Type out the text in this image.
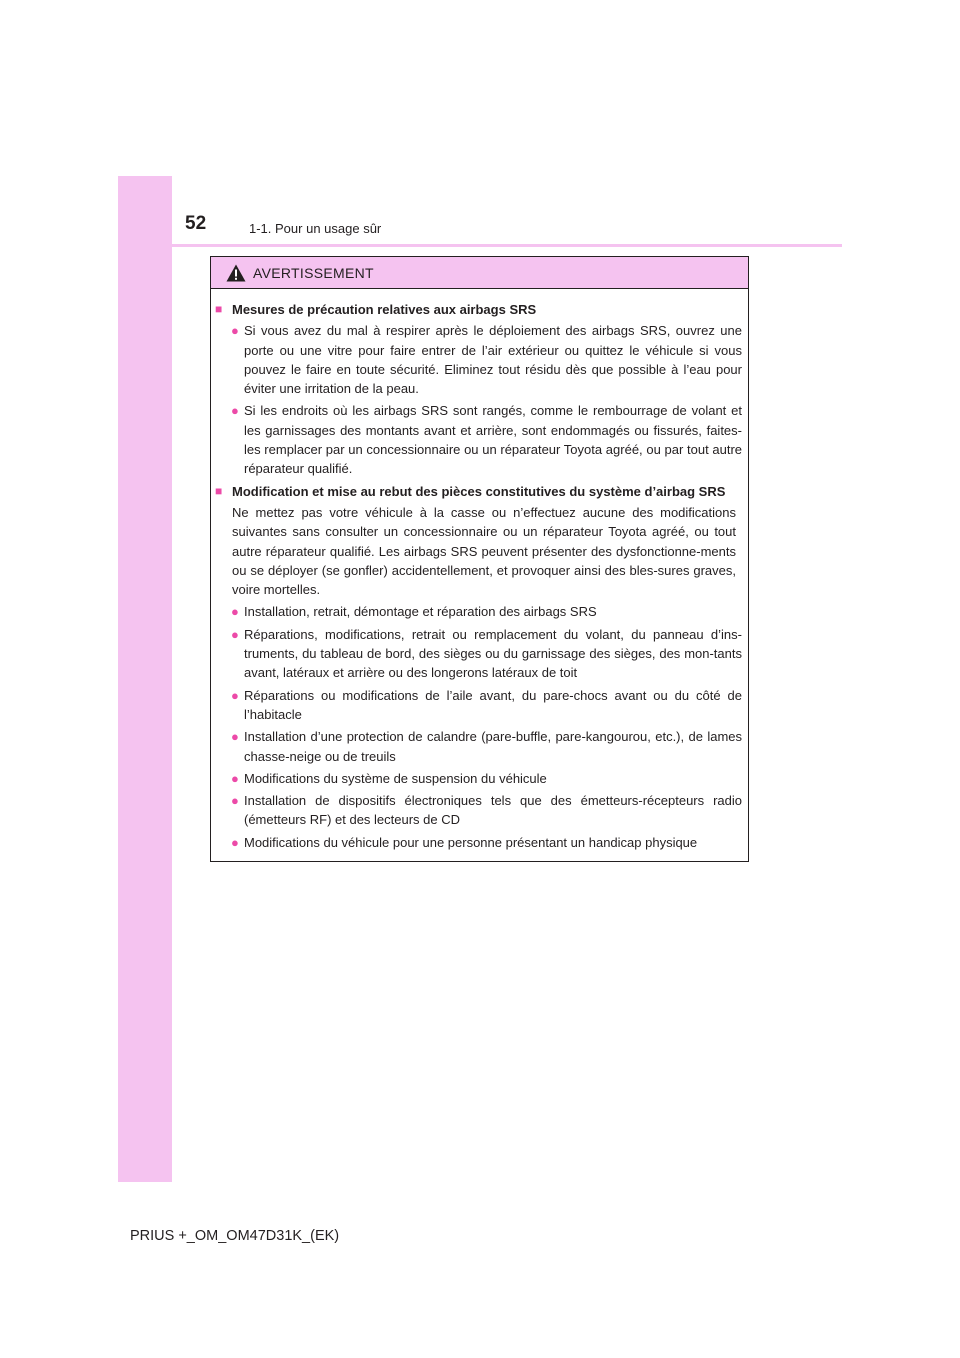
52	1-1. Pour un usage sûr
AVERTISSEMENT
■ Mesures de précaution relatives aux airbags SRS
● Si vous avez du mal à respirer après le déploiement des airbags SRS, ouvrez une porte ou une vitre pour faire entrer de l’air extérieur ou quittez le véhicule si vous pouvez le faire en toute sécurité. Eliminez tout résidu dès que possible à l’eau pour éviter une irritation de la peau.
● Si les endroits où les airbags SRS sont rangés, comme le rembourrage de volant et les garnissages des montants avant et arrière, sont endommagés ou fissurés, faites-les remplacer par un concessionnaire ou un réparateur Toyota agréé, ou par tout autre réparateur qualifié.
■ Modification et mise au rebut des pièces constitutives du système d’airbag SRS
Ne mettez pas votre véhicule à la casse ou n’effectuez aucune des modifications suivantes sans consulter un concessionnaire ou un réparateur Toyota agréé, ou tout autre réparateur qualifié. Les airbags SRS peuvent présenter des dysfonctionne-ments ou se déployer (se gonfler) accidentellement, et provoquer ainsi des bles-sures graves, voire mortelles.
● Installation, retrait, démontage et réparation des airbags SRS
● Réparations, modifications, retrait ou remplacement du volant, du panneau d’ins-truments, du tableau de bord, des sièges ou du garnissage des sièges, des mon-tants avant, latéraux et arrière ou des longerons latéraux de toit
● Réparations ou modifications de l’aile avant, du pare-chocs avant ou du côté de l’habitacle
● Installation d’une protection de calandre (pare-buffle, pare-kangourou, etc.), de lames chasse-neige ou de treuils
● Modifications du système de suspension du véhicule
● Installation de dispositifs électroniques tels que des émetteurs-récepteurs radio (émetteurs RF) et des lecteurs de CD
● Modifications du véhicule pour une personne présentant un handicap physique
PRIUS +_OM_OM47D31K_(EK)
